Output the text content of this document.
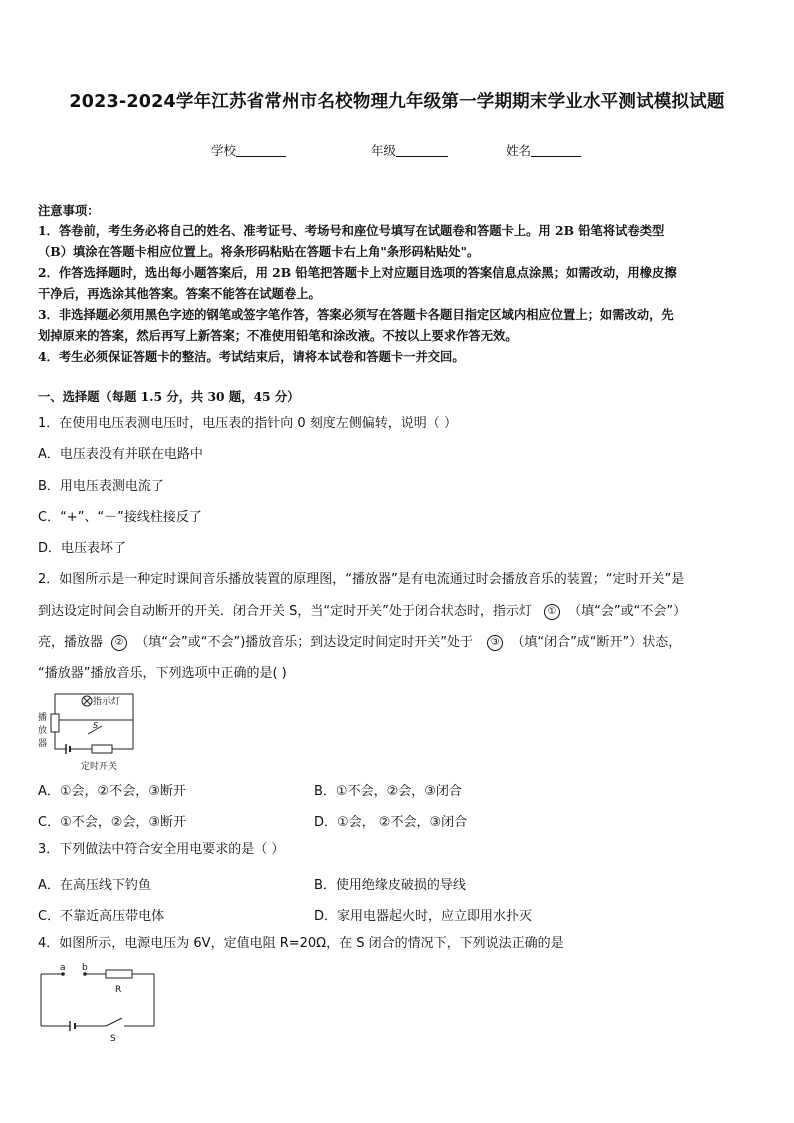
2023-2024学年江苏省常州市名校物理九年级第一学期期末学业水平测试模拟试题
学校	年级	姓名
注意事项：
1．答卷前，考生务必将自己的姓名、准考证号、考场号和座位号填写在试题卷和答题卡上。用 2B 铅笔将试卷类型
（B）填涂在答题卡相应位置上。将条形码粘贴在答题卡右上角"条形码粘贴处"。
2．作答选择题时，选出每小题答案后，用 2B 铅笔把答题卡上对应题目选项的答案信息点涂黑；如需改动，用橡皮擦
干净后，再选涂其他答案。答案不能答在试题卷上。
3．非选择题必须用黑色字迹的钢笔或签字笔作答，答案必须写在答题卡各题目指定区域内相应位置上；如需改动，先
划掉原来的答案，然后再写上新答案；不准使用铅笔和涂改液。不按以上要求作答无效。
4．考生必须保证答题卡的整洁。考试结束后，请将本试卷和答题卡一并交回。
一、选择题（每题 1.5 分，共 30 题，45 分）
1．在使用电压表测电压时，电压表的指针向 0 刻度左侧偏转，说明（ ）
A．电压表没有并联在电路中
B．用电压表测电流了
C．“+”、“－”接线柱接反了
D．电压表坏了
2．如图所示是一种定时课间音乐播放装置的原理图，“播放器”是有电流通过时会播放音乐的装置；“定时开关”是
到达设定时间会自动断开的开关．闭合开关 S，当“定时开关”处于闭合状态时，指示灯 ① （填“会”或“不会”）
亮，播放器 ② （填“会”或“不会”)播放音乐；到达设定时间定时开关”处于 ③ （填“闭合”成“断开”）状态，
“播放器”播放音乐，下列选项中正确的是( )
指示灯
播
放
器
S
定时开关
A．①会，②不会，③断开	B．①不会，②会，③闭合
C．①不会，②会，③断开	D．①会， ②不会，③闭合
3．下列做法中符合安全用电要求的是（ ）
A．在高压线下钓鱼	B．使用绝缘皮破损的导线
C．不靠近高压带电体	D．家用电器起火时，应立即用水扑灭
4．如图所示，电源电压为 6V，定值电阻 R=20Ω，在 S 闭合的情况下，下列说法正确的是
a b
R
S
